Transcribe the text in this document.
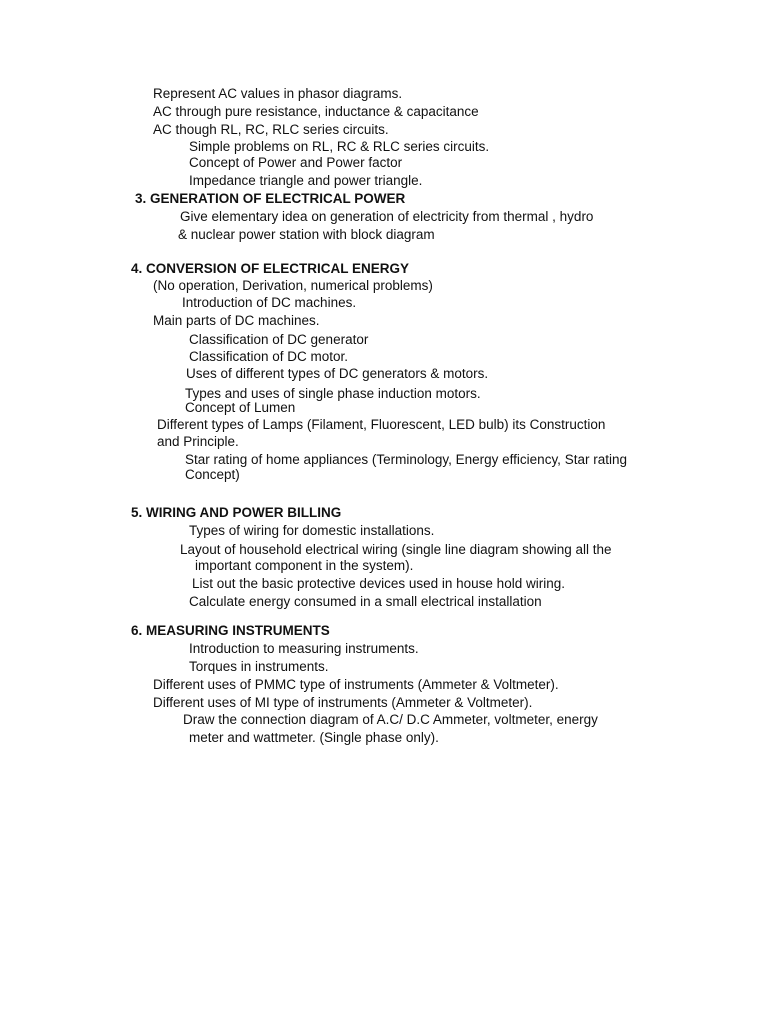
Represent AC values in phasor diagrams.
AC through pure resistance, inductance & capacitance
AC though RL, RC, RLC series circuits.
Simple problems on RL, RC & RLC series circuits.
Concept of Power and Power factor
Impedance triangle and power triangle.
3. GENERATION OF ELECTRICAL POWER
Give elementary idea on generation of electricity from thermal , hydro
& nuclear power station with block diagram
4. CONVERSION OF ELECTRICAL ENERGY
(No operation, Derivation, numerical problems)
Introduction of DC machines.
Main parts of DC machines.
Classification of DC generator
Classification of DC motor.
Uses of different types of DC generators & motors.
Types and uses of single phase induction motors.
Concept of Lumen
Different types of Lamps (Filament, Fluorescent, LED bulb) its Construction
and Principle.
Star rating of home appliances (Terminology, Energy efficiency, Star rating
Concept)
5. WIRING AND POWER BILLING
Types of wiring for domestic installations.
Layout of household electrical wiring (single line diagram showing all the
important component in the system).
List out the basic protective devices used in house hold wiring.
Calculate energy consumed in a small electrical installation
6. MEASURING INSTRUMENTS
Introduction to measuring instruments.
Torques in instruments.
Different uses of PMMC type of instruments (Ammeter & Voltmeter).
Different uses of MI type of instruments (Ammeter & Voltmeter).
Draw the connection diagram of A.C/ D.C Ammeter, voltmeter, energy
meter and wattmeter. (Single phase only).
